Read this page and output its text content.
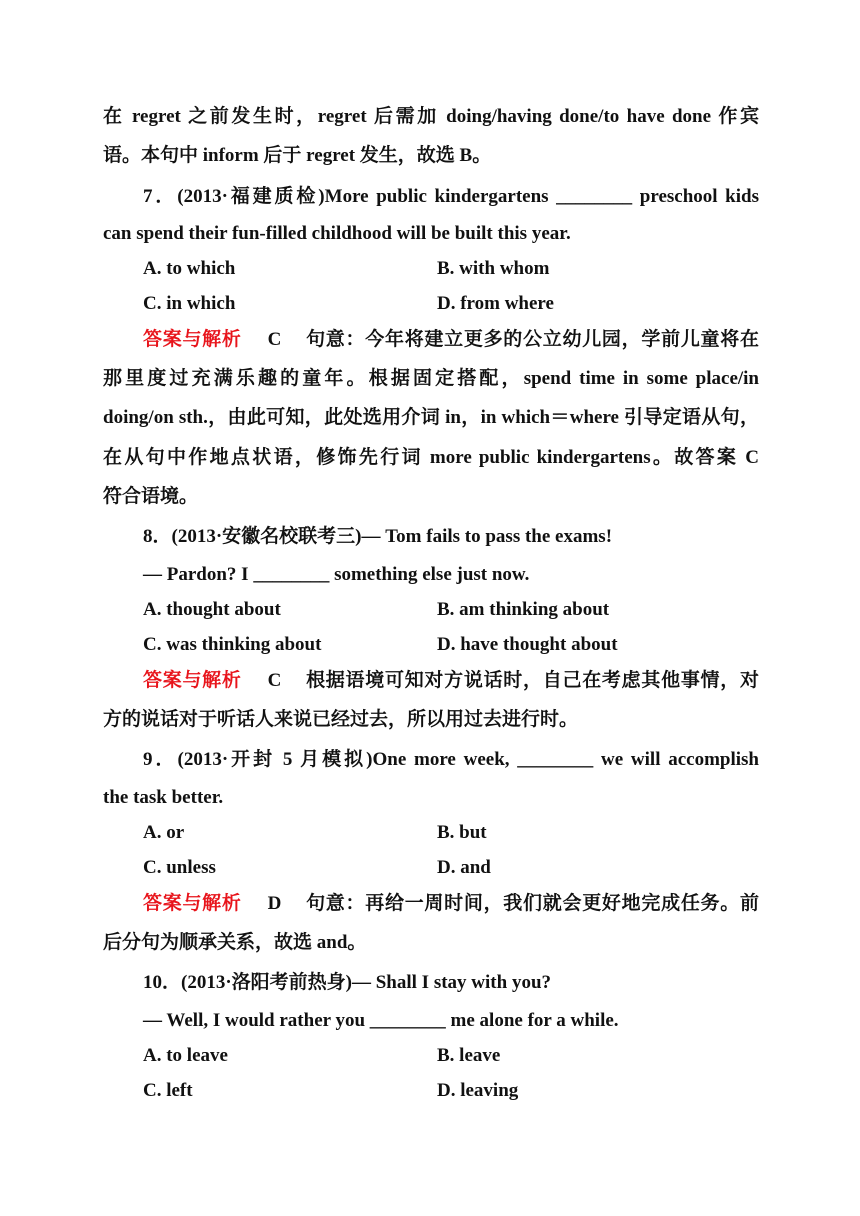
在 regret 之前发生时，regret 后需加 doing/having done/to have done 作宾
语。本句中 inform 后于 regret 发生，故选 B。
7．(2013·福建质检)More public kindergartens ________ preschool kids
can spend their fun-filled childhood will be built this year.
A. to which	B. with whom
C. in which	D. from where
答案与解析 C 句意：今年将建立更多的公立幼儿园，学前儿童将在
那里度过充满乐趣的童年。根据固定搭配，spend time in some place/in
doing/on sth.，由此可知，此处选用介词 in，in which＝where 引导定语从句，
在从句中作地点状语，修饰先行词 more public kindergartens。故答案 C
符合语境。
8．(2013·安徽名校联考三)— Tom fails to pass the exams!
— Pardon? I ________ something else just now.
A. thought about	B. am thinking about
C. was thinking about	D. have thought about
答案与解析 C 根据语境可知对方说话时，自己在考虑其他事情，对
方的说话对于听话人来说已经过去，所以用过去进行时。
9．(2013·开封 5 月模拟)One more week, ________ we will accomplish
the task better.
A. or	B. but
C. unless	D. and
答案与解析 D 句意：再给一周时间，我们就会更好地完成任务。前
后分句为顺承关系，故选 and。
10．(2013·洛阳考前热身)— Shall I stay with you?
— Well, I would rather you ________ me alone for a while.
A. to leave	B. leave
C. left	D. leaving
